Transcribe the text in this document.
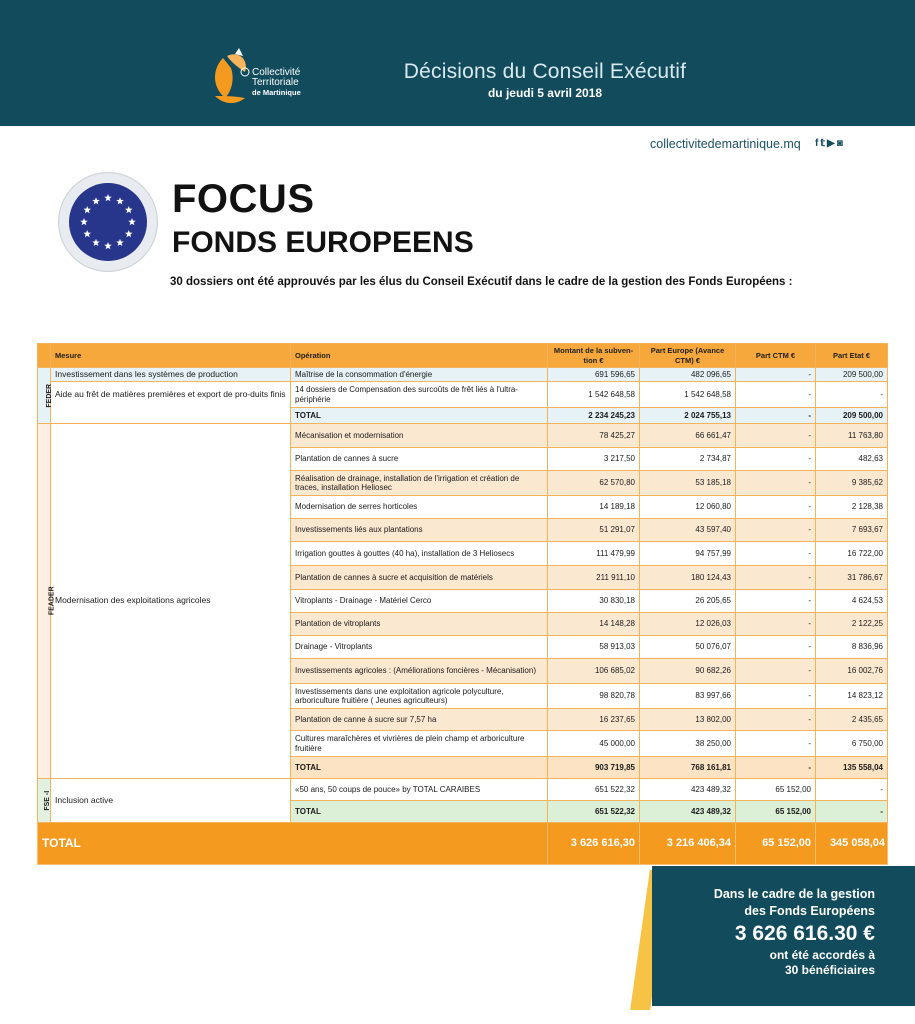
Collectivité
Territoriale
de Martinique
Décisions du Conseil Exécutif
du jeudi 5 avril 2018
collectivitedemartinique.mq f 𝕥 ▶ ◙
FOCUS
FONDS EUROPEENS
30 dossiers ont été approuvés par les élus du Conseil Exécutif dans le cadre de la gestion des Fonds Européens :
	Mesure	Opération	Montant de la subven-tion €	Part Europe (Avance CTM) €	Part CTM €	Part Etat €
FEDER	Investissement dans les systèmes de production	Maîtrise de la consommation d'énergie	691 596,65	482 096,65	-	209 500,00
	Aide au frêt de matières premières et export de pro-duits finis	14 dossiers de Compensation des surcoûts de frêt liés à l'ultra-périphérie	1 542 648,58	1 542 648,58	-	-
		TOTAL	2 234 245,23	2 024 755,13	-	209 500,00
FEADER	Modernisation des exploitations agricoles	Mécanisation et modernisation	78 425,27	66 661,47	-	11 763,80
		Plantation de cannes à sucre	3 217,50	2 734,87	-	482,63
		Réalisation de drainage, installation de l'irrigation et création de traces, installation Heliosec	62 570,80	53 185,18	-	9 385,62
		Modernisation de serres horticoles	14 189,18	12 060,80	-	2 128,38
		Investissements liés aux plantations	51 291,07	43 597,40	-	7 693,67
		Irrigation gouttes à gouttes (40 ha), installation de 3 Heliosecs	111 479,99	94 757,99	-	16 722,00
		Plantation de cannes à sucre et acquisition de matériels	211 911,10	180 124,43	-	31 786,67
		Vitroplants - Drainage - Matériel Cerco	30 830,18	26 205,65	-	4 624,53
		Plantation de vitroplants	14 148,28	12 026,03	-	2 122,25
		Drainage - Vitroplants	58 913,03	50 076,07	-	8 836,96
		Investissements agricoles : (Améliorations foncières - Mécanisation)	106 685,02	90 682,26	-	16 002,76
		Investissements dans une exploitation agricole polyculture, arboriculture fruitière ( Jeunes agriculteurs)	98 820,78	83 997,66	-	14 823,12
		Plantation de canne à sucre sur 7,57 ha	16 237,65	13 802,00	-	2 435,65
		Cultures maraîchères et vivrières de plein champ et arboriculture fruitière	45 000,00	38 250,00	-	6 750,00
		TOTAL	903 719,85	768 161,81	-	135 558,04
FSE -I	Inclusion active	«50 ans, 50 coups de pouce» by TOTAL CARAIBES	651 522,32	423 489,32	65 152,00	-
		TOTAL	651 522,32	423 489,32	65 152,00	-
TOTAL			3 626 616,30	3 216 406,34	65 152,00	345 058,04
Dans le cadre de la gestion
des Fonds Européens
3 626 616.30 €
ont été accordés à
30 bénéficiaires
